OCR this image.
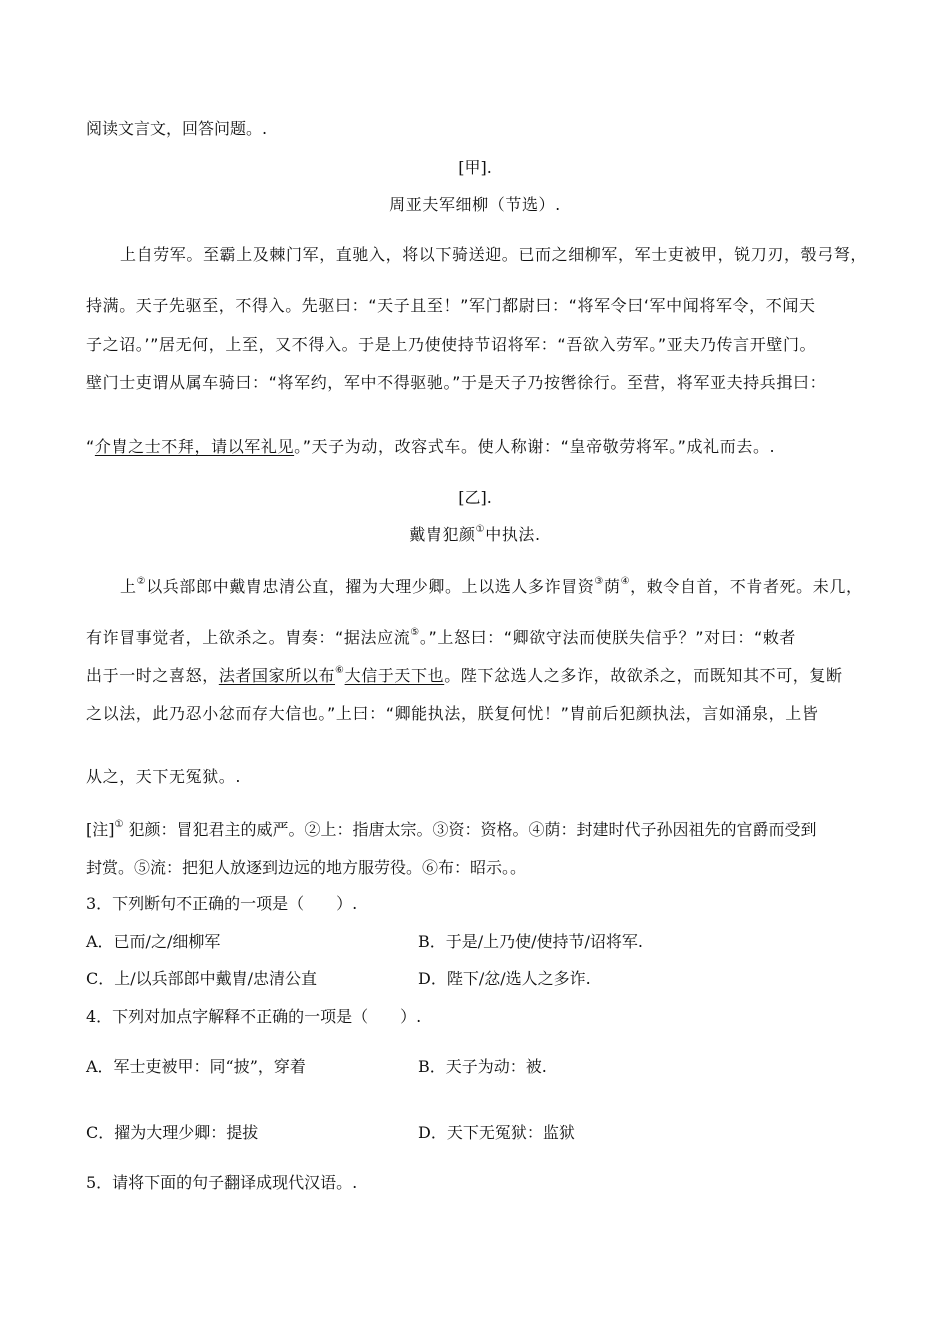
阅读文言文，回答问题。.
[甲].
周亚夫军细柳（节选）.
上自劳军。至霸上及棘门军，直驰入，将以下骑送迎。已而之细柳军，军士吏被甲，锐刀刃，彀弓弩，
持满。天子先驱至，不得入。先驱曰：“天子且至！”军门都尉曰：“将军令曰‘军中闻将军令，不闻天
子之诏。’”居无何，上至，又不得入。于是上乃使使持节诏将军：“吾欲入劳军。”亚夫乃传言开壁门。
壁门士吏谓从属车骑曰：“将军约，军中不得驱驰。”于是天子乃按辔徐行。至营，将军亚夫持兵揖曰：
“介胄之士不拜，请以军礼见。”天子为动，改容式车。使人称谢：“皇帝敬劳将军。”成礼而去。.
[乙].
戴胄犯颜①中执法.
上②以兵部郎中戴胄忠清公直，擢为大理少卿。上以选人多诈冒资③荫④，敕令自首，不肯者死。未几，
有诈冒事觉者，上欲杀之。胄奏：“据法应流⑤。”上怒曰：“卿欲守法而使朕失信乎？”对曰：“敕者
出于一时之喜怒，法者国家所以布⑥大信于天下也。陛下忿选人之多诈，故欲杀之，而既知其不可，复断
之以法，此乃忍小忿而存大信也。”上曰：“卿能执法，朕复何忧！”胄前后犯颜执法，言如涌泉，上皆
从之，天下无冤狱。.
[注]① 犯颜：冒犯君主的威严。②上：指唐太宗。③资：资格。④荫：封建时代子孙因祖先的官爵而受到
封赏。⑤流：把犯人放逐到边远的地方服劳役。⑥布：昭示。。
3．下列断句不正确的一项是（　　）.
A．已而/之/细柳军	B．于是/上乃使/使持节/诏将军.
C．上/以兵部郎中戴胄/忠清公直	D．陛下/忿/选人之多诈.
4．下列对加点字解释不正确的一项是（　　）.
A．军士吏被甲：同“披”，穿着	B．天子为动：被.
C．擢为大理少卿：提拔	D．天下无冤狱：监狱
5．请将下面的句子翻译成现代汉语。.
